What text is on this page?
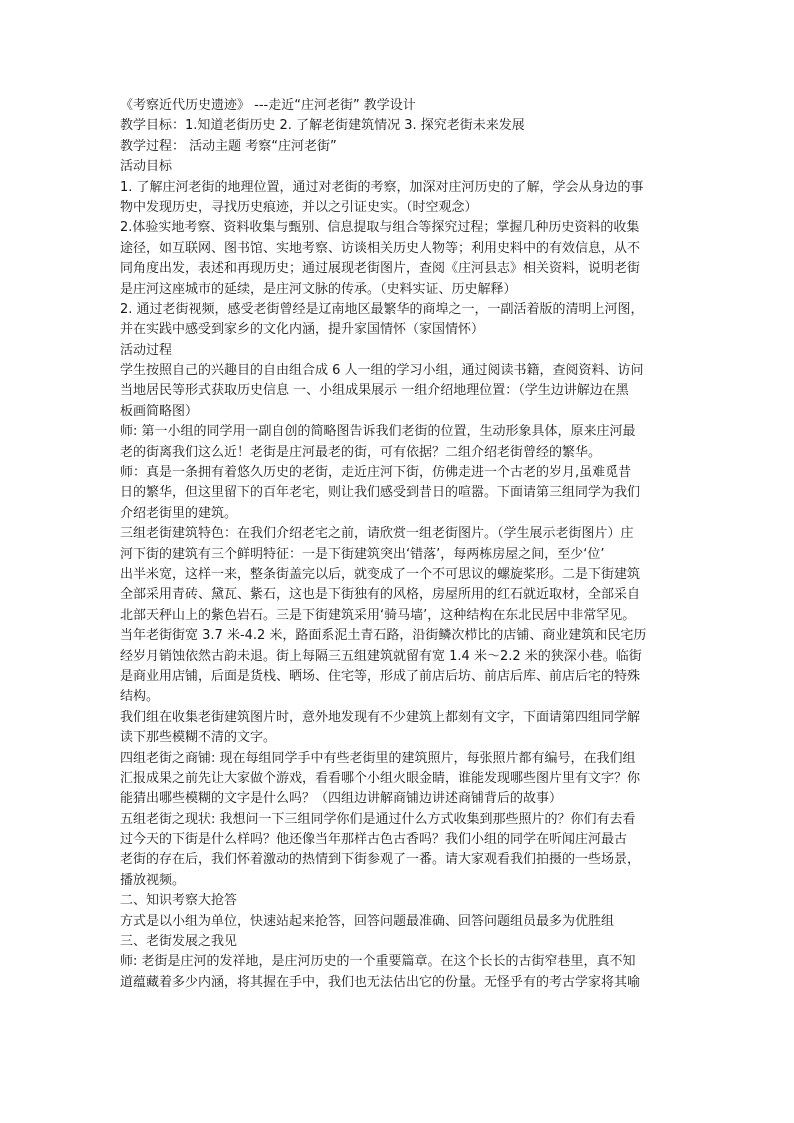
《考察近代历史遗迹》 ---走近“庄河老街” 教学设计
教学目标：1.知道老街历史 2. 了解老街建筑情况 3. 探究老街未来发展
教学过程： 活动主题 考察“庄河老街”
活动目标
1. 了解庄河老街的地理位置，通过对老街的考察，加深对庄河历史的了解，学会从身边的事
物中发现历史，寻找历史痕迹，并以之引证史实。（时空观念）
2.体验实地考察、资料收集与甄别、信息提取与组合等探究过程；掌握几种历史资料的收集
途径，如互联网、图书馆、实地考察、访谈相关历史人物等；利用史料中的有效信息，从不
同角度出发，表述和再现历史；通过展现老街图片，查阅《庄河县志》相关资料，说明老街
是庄河这座城市的延续，是庄河文脉的传承。（史料实证、历史解释）
2. 通过老街视频，感受老街曾经是辽南地区最繁华的商埠之一，一副活着版的清明上河图，
并在实践中感受到家乡的文化内涵，提升家国情怀（家国情怀）
活动过程
学生按照自己的兴趣目的自由组合成 6 人一组的学习小组，通过阅读书籍，查阅资料、访问
当地居民等形式获取历史信息 一、小组成果展示 一组介绍地理位置：（学生边讲解边在黑
板画简略图）
师: 第一小组的同学用一副自创的简略图告诉我们老街的位置，生动形象具体，原来庄河最
老的街离我们这么近！老街是庄河最老的街，可有依据？二组介绍老街曾经的繁华。
师：真是一条拥有着悠久历史的老街，走近庄河下街，仿佛走进一个古老的岁月,虽难觅昔
日的繁华，但这里留下的百年老宅，则让我们感受到昔日的喧嚣。下面请第三组同学为我们
介绍老街里的建筑。
三组老街建筑特色：在我们介绍老宅之前，请欣赏一组老街图片。（学生展示老街图片）庄
河下街的建筑有三个鲜明特征：一是下街建筑突出‘错落’，每两栋房屋之间，至少‘位’
出半米宽，这样一来，整条街盖完以后，就变成了一个不可思议的螺旋桨形。二是下街建筑
全部采用青砖、黛瓦、紫石，这也是下街独有的风格，房屋所用的红石就近取材，全部采自
北部天秤山上的紫色岩石。三是下街建筑采用‘骑马墙’，这种结构在东北民居中非常罕见。
当年老街街宽 3.7 米-4.2 米，路面系泥土青石路，沿街鳞次栉比的店铺、商业建筑和民宅历
经岁月销蚀依然古韵未退。街上每隔三五组建筑就留有宽 1.4 米～2.2 米的狭深小巷。临街
是商业用店铺，后面是货栈、晒场、住宅等，形成了前店后坊、前店后库、前店后宅的特殊
结构。
我们组在收集老街建筑图片时，意外地发现有不少建筑上都刻有文字，下面请第四组同学解
读下那些模糊不清的文字。
四组老街之商铺: 现在每组同学手中有些老街里的建筑照片，每张照片都有编号，在我们组
汇报成果之前先让大家做个游戏，看看哪个小组火眼金睛，谁能发现哪些图片里有文字？你
能猜出哪些模糊的文字是什么吗？（四组边讲解商铺边讲述商铺背后的故事）
五组老街之现状: 我想问一下三组同学你们是通过什么方式收集到那些照片的？你们有去看
过今天的下街是什么样吗？他还像当年那样古色古香吗？我们小组的同学在听闻庄河最古
老街的存在后，我们怀着激动的热情到下街参观了一番。请大家观看我们拍摄的一些场景，
播放视频。
二、知识考察大抢答
方式是以小组为单位，快速站起来抢答，回答问题最准确、回答问题组员最多为优胜组
三、老街发展之我见
师: 老街是庄河的发祥地，是庄河历史的一个重要篇章。在这个长长的古街窄巷里，真不知
道蕴藏着多少内涵，将其握在手中，我们也无法估出它的份量。无怪乎有的考古学家将其喻
